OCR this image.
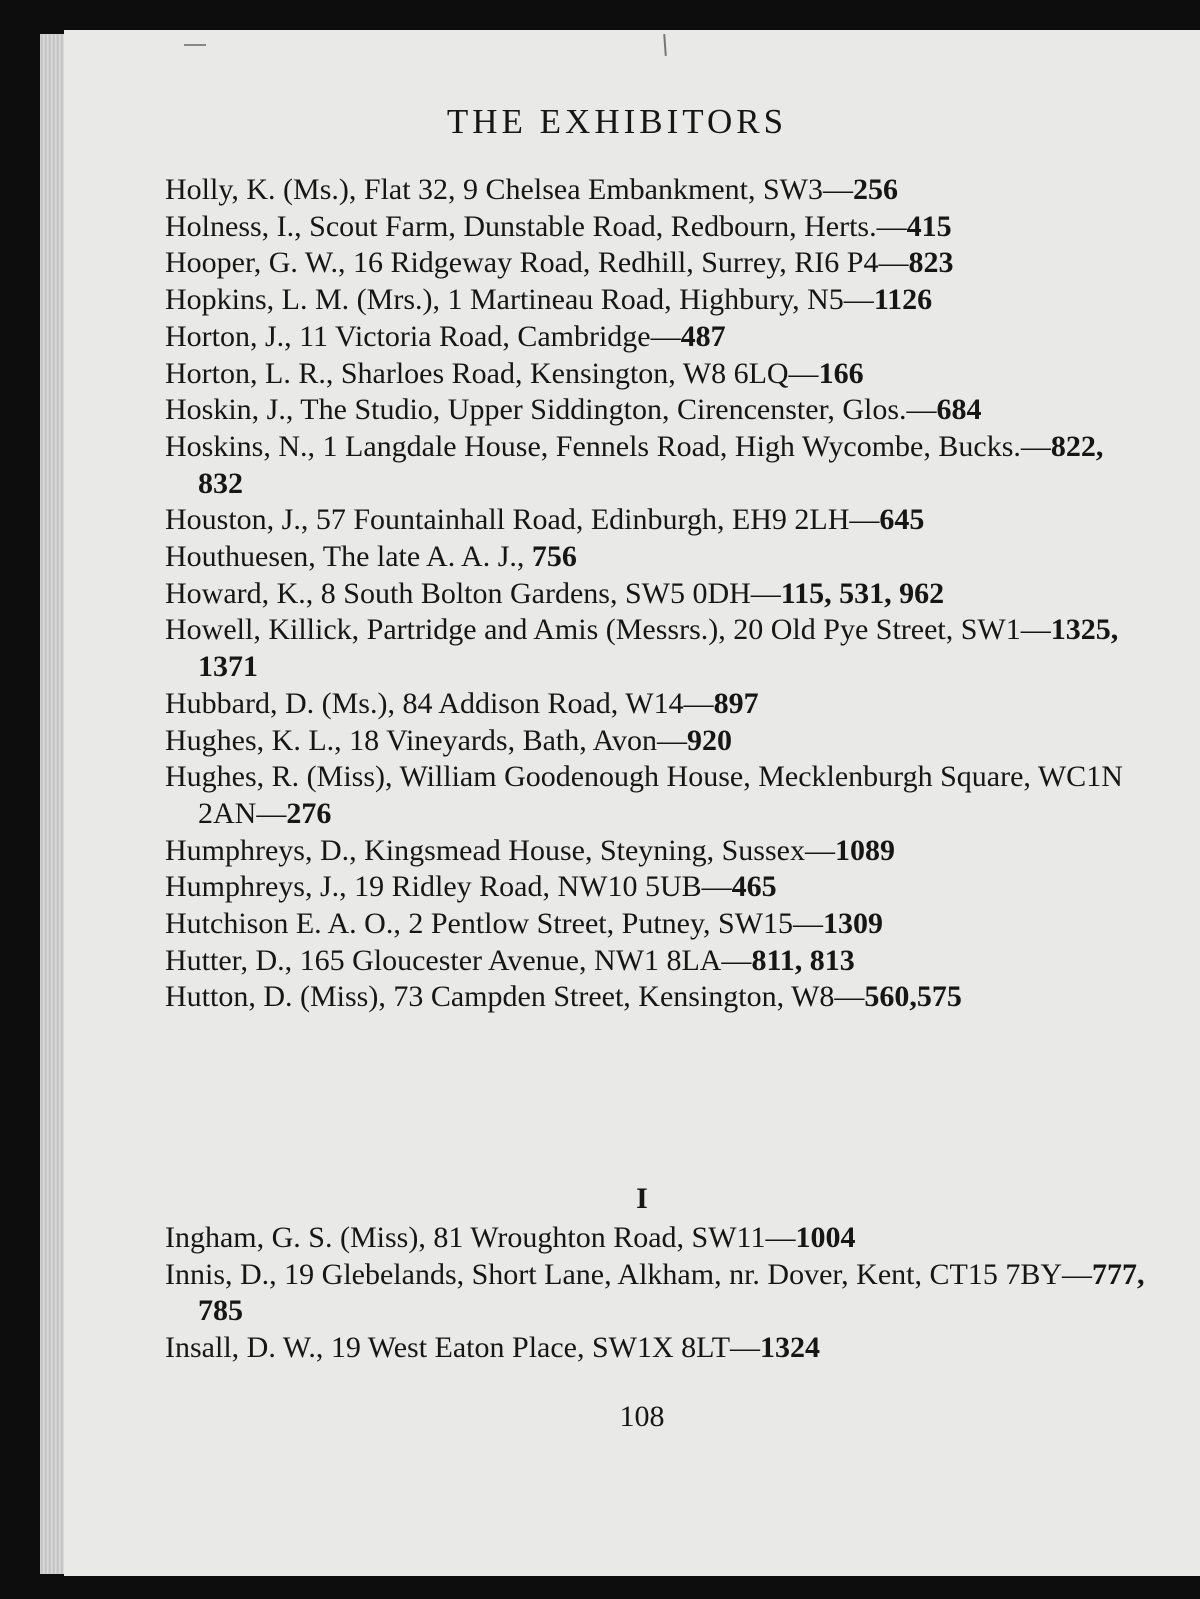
THE EXHIBITORS
Holly, K. (Ms.), Flat 32, 9 Chelsea Embankment, SW3—256
Holness, I., Scout Farm, Dunstable Road, Redbourn, Herts.—415
Hooper, G. W., 16 Ridgeway Road, Redhill, Surrey, RI6 P4—823
Hopkins, L. M. (Mrs.), 1 Martineau Road, Highbury, N5—1126
Horton, J., 11 Victoria Road, Cambridge—487
Horton, L. R., Sharloes Road, Kensington, W8 6LQ—166
Hoskin, J., The Studio, Upper Siddington, Cirencenster, Glos.—684
Hoskins, N., 1 Langdale House, Fennels Road, High Wycombe, Bucks.—822, 832
Houston, J., 57 Fountainhall Road, Edinburgh, EH9 2LH—645
Houthuesen, The late A. A. J., 756
Howard, K., 8 South Bolton Gardens, SW5 0DH—115, 531, 962
Howell, Killick, Partridge and Amis (Messrs.), 20 Old Pye Street, SW1—1325, 1371
Hubbard, D. (Ms.), 84 Addison Road, W14—897
Hughes, K. L., 18 Vineyards, Bath, Avon—920
Hughes, R. (Miss), William Goodenough House, Mecklenburgh Square, WC1N 2AN—276
Humphreys, D., Kingsmead House, Steyning, Sussex—1089
Humphreys, J., 19 Ridley Road, NW10 5UB—465
Hutchison E. A. O., 2 Pentlow Street, Putney, SW15—1309
Hutter, D., 165 Gloucester Avenue, NW1 8LA—811, 813
Hutton, D. (Miss), 73 Campden Street, Kensington, W8—560,575
I
Ingham, G. S. (Miss), 81 Wroughton Road, SW11—1004
Innis, D., 19 Glebelands, Short Lane, Alkham, nr. Dover, Kent, CT15 7BY—777, 785
Insall, D. W., 19 West Eaton Place, SW1X 8LT—1324
108
